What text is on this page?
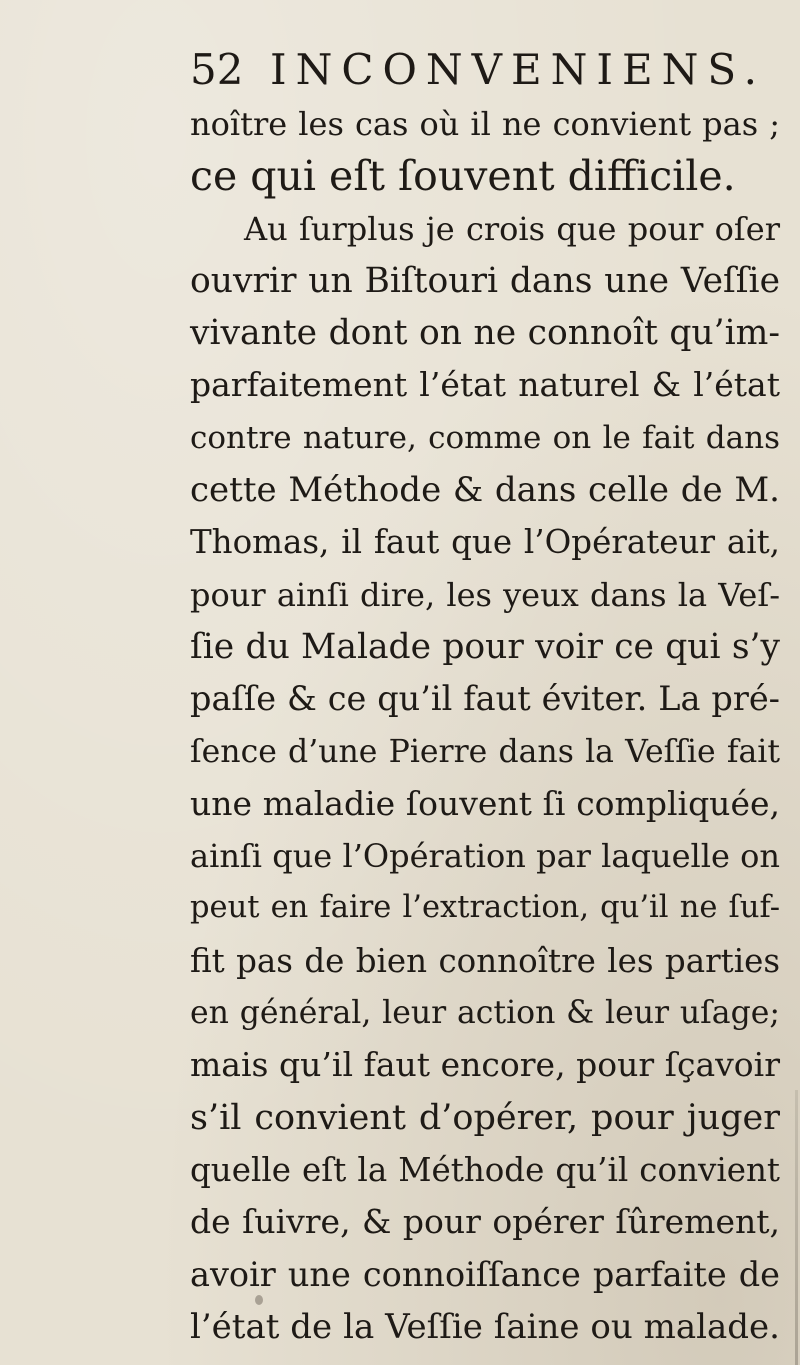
52 INCONVENIENS.
noître les cas où il ne convient pas ;
ce qui eſt ſouvent difficile.
Au ſurplus je crois que pour oſer
ouvrir un Biſtouri dans une Veſſie
vivante dont on ne connoît qu’im-
parfaitement l’état naturel & l’état
contre nature, comme on le fait dans
cette Méthode & dans celle de M.
Thomas, il faut que l’Opérateur ait,
pour ainſi dire, les yeux dans la Veſ-
ſie du Malade pour voir ce qui s’y
paſſe & ce qu’il faut éviter. La pré-
ſence d’une Pierre dans la Veſſie fait
une maladie ſouvent ſi compliquée,
ainſi que l’Opération par laquelle on
peut en faire l’extraction, qu’il ne ſuf-
fit pas de bien connoître les parties
en général, leur action & leur uſage;
mais qu’il faut encore, pour ſçavoir
s’il convient d’opérer, pour juger
quelle eſt la Méthode qu’il convient
de ſuivre, & pour opérer ſûrement,
avoir une connoiſſance parfaite de
l’état de la Veſſie ſaine ou malade.
